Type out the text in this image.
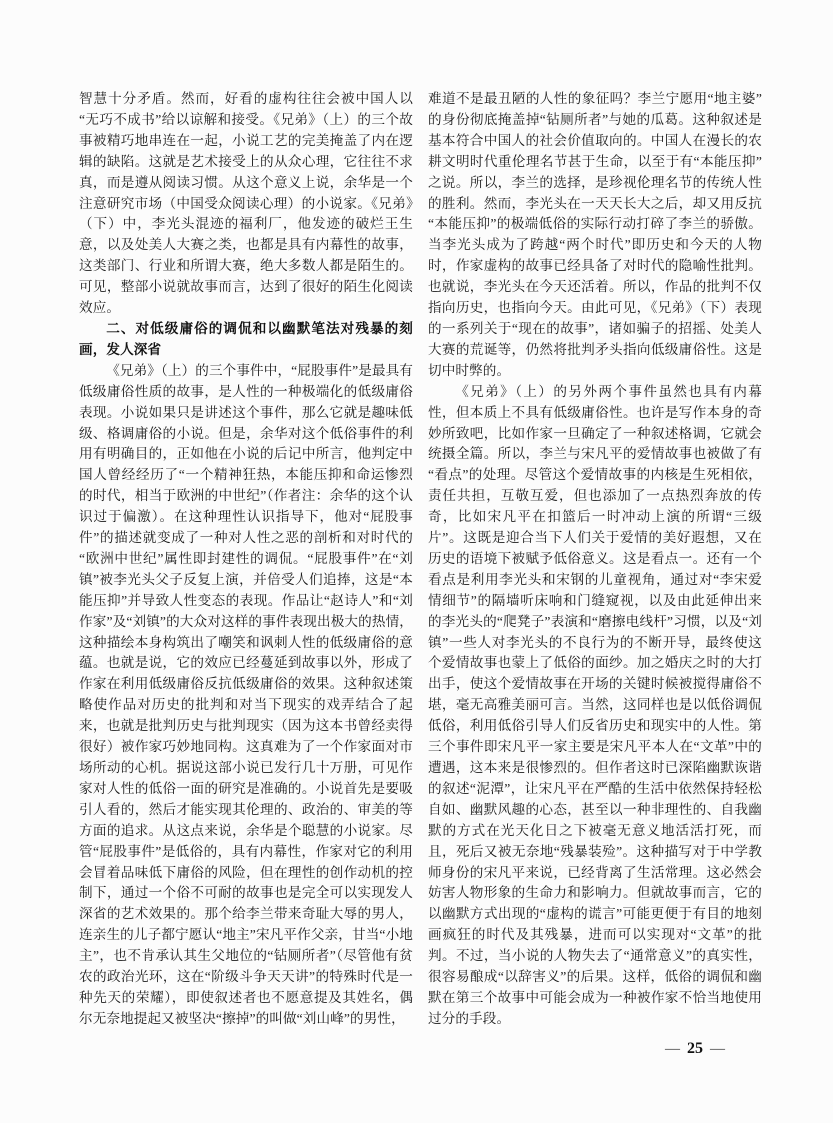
智慧十分矛盾。然而，好看的虚构往往会被中国人以“无巧不成书”给以谅解和接受。《兄弟》（上）的三个故事被精巧地串连在一起，小说工艺的完美掩盖了内在逻辑的缺陷。这就是艺术接受上的从众心理，它往往不求真，而是遵从阅读习惯。从这个意义上说，余华是一个注意研究市场（中国受众阅读心理）的小说家。《兄弟》（下）中，李光头混迹的福利厂，他发迹的破烂王生意，以及处美人大赛之类，也都是具有内幕性的故事，这类部门、行业和所谓大赛，绝大多数人都是陌生的。可见，整部小说就故事而言，达到了很好的陌生化阅读效应。

二、对低级庸俗的调侃和以幽默笔法对残暴的刻画，发人深省

《兄弟》（上）的三个事件中，“屁股事件”是最具有低级庸俗性质的故事，是人性的一种极端化的低级庸俗表现。小说如果只是讲述这个事件，那么它就是趣味低级、格调庸俗的小说。但是，余华对这个低俗事件的利用有明确目的，正如他在小说的后记中所言，他判定中国人曾经经历了“一个精神狂热，本能压抑和命运惨烈的时代，相当于欧洲的中世纪”（作者注：余华的这个认识过于偏激）。在这种理性认识指导下，他对“屁股事件”的描述就变成了一种对人性之恶的剖析和对时代的“欧洲中世纪”属性即封建性的调侃。“屁股事件”在“刘镇”被李光头父子反复上演，并倍受人们追捧，这是“本能压抑”并导致人性变态的表现。作品让“赵诗人”和“刘作家”及“刘镇”的大众对这样的事件表现出极大的热情，这种描绘本身构筑出了嘲笑和讽刺人性的低级庸俗的意蕴。也就是说，它的效应已经蔓延到故事以外，形成了作家在利用低级庸俗反抗低级庸俗的效果。这种叙述策略使作品对历史的批判和对当下现实的戏弄结合了起来，也就是批判历史与批判现实（因为这本书曾经卖得很好）被作家巧妙地同构。这真难为了一个作家面对市场所动的心机。据说这部小说已发行几十万册，可见作家对人性的低俗一面的研究是准确的。小说首先是要吸引人看的，然后才能实现其伦理的、政治的、审美的等方面的追求。从这点来说，余华是个聪慧的小说家。尽管“屁股事件”是低俗的，具有内幕性，作家对它的利用会冒着品味低下庸俗的风险，但在理性的创作动机的控制下，通过一个俗不可耐的故事也是完全可以实现发人深省的艺术效果的。那个给李兰带来奇耻大辱的男人，连亲生的儿子都宁愿认“地主”宋凡平作父亲，甘当“小地主”，也不肯承认其生父地位的“钻厕所者”（尽管他有贫农的政治光环，这在“阶级斗争天天讲”的特殊时代是一种先天的荣耀），即使叙述者也不愿意提及其姓名，偶尔无奈地提起又被坚决“擦掉”的叫做“刘山峰”的男性，

难道不是最丑陋的人性的象征吗？李兰宁愿用“地主婆”的身份彻底掩盖掉“钻厕所者”与她的瓜葛。这种叙述是基本符合中国人的社会价值取向的。中国人在漫长的农耕文明时代重伦理名节甚于生命，以至于有“本能压抑”之说。所以，李兰的选择，是珍视伦理名节的传统人性的胜利。然而，李光头在一天天长大之后，却又用反抗“本能压抑”的极端低俗的实际行动打碎了李兰的骄傲。当李光头成为了跨越“两个时代”即历史和今天的人物时，作家虚构的故事已经具备了对时代的隐喻性批判。也就说，李光头在今天还活着。所以，作品的批判不仅指向历史，也指向今天。由此可见，《兄弟》（下）表现的一系列关于“现在的故事”，诸如骗子的招摇、处美人大赛的荒诞等，仍然将批判矛头指向低级庸俗性。这是切中时弊的。

《兄弟》（上）的另外两个事件虽然也具有内幕性，但本质上不具有低级庸俗性。也许是写作本身的奇妙所致吧，比如作家一旦确定了一种叙述格调，它就会统摄全篇。所以，李兰与宋凡平的爱情故事也被做了有“看点”的处理。尽管这个爱情故事的内核是生死相依，责任共担，互敬互爱，但也添加了一点热烈奔放的传奇，比如宋凡平在扣篮后一时冲动上演的所谓“三级片”。这既是迎合当下人们关于爱情的美好遐想，又在历史的语境下被赋予低俗意义。这是看点一。还有一个看点是利用李光头和宋钢的儿童视角，通过对“李宋爱情细节”的隔墙听床响和门缝窥视，以及由此延伸出来的李光头的“爬凳子”表演和“磨擦电线杆”习惯，以及“刘镇”一些人对李光头的不良行为的不断开导，最终使这个爱情故事也蒙上了低俗的面纱。加之婚庆之时的大打出手，使这个爱情故事在开场的关键时候被搅得庸俗不堪，毫无高雅美丽可言。当然，这同样也是以低俗调侃低俗，利用低俗引导人们反省历史和现实中的人性。第三个事件即宋凡平一家主要是宋凡平本人在“文革”中的遭遇，这本来是很惨烈的。但作者这时已深陷幽默诙谐的叙述“泥潭”，让宋凡平在严酷的生活中依然保持轻松自如、幽默风趣的心态，甚至以一种非理性的、自我幽默的方式在光天化日之下被毫无意义地活活打死，而且，死后又被无奈地“残暴装殓”。这种描写对于中学教师身份的宋凡平来说，已经背离了生活常理。这必然会妨害人物形象的生命力和影响力。但就故事而言，它的以幽默方式出现的“虚构的谎言”可能更便于有目的地刻画疯狂的时代及其残暴，进而可以实现对“文革”的批判。不过，当小说的人物失去了“通常意义”的真实性，很容易酿成“以辞害义”的后果。这样，低俗的调侃和幽默在第三个故事中可能会成为一种被作家不恰当地使用过分的手段。

— 25 —
